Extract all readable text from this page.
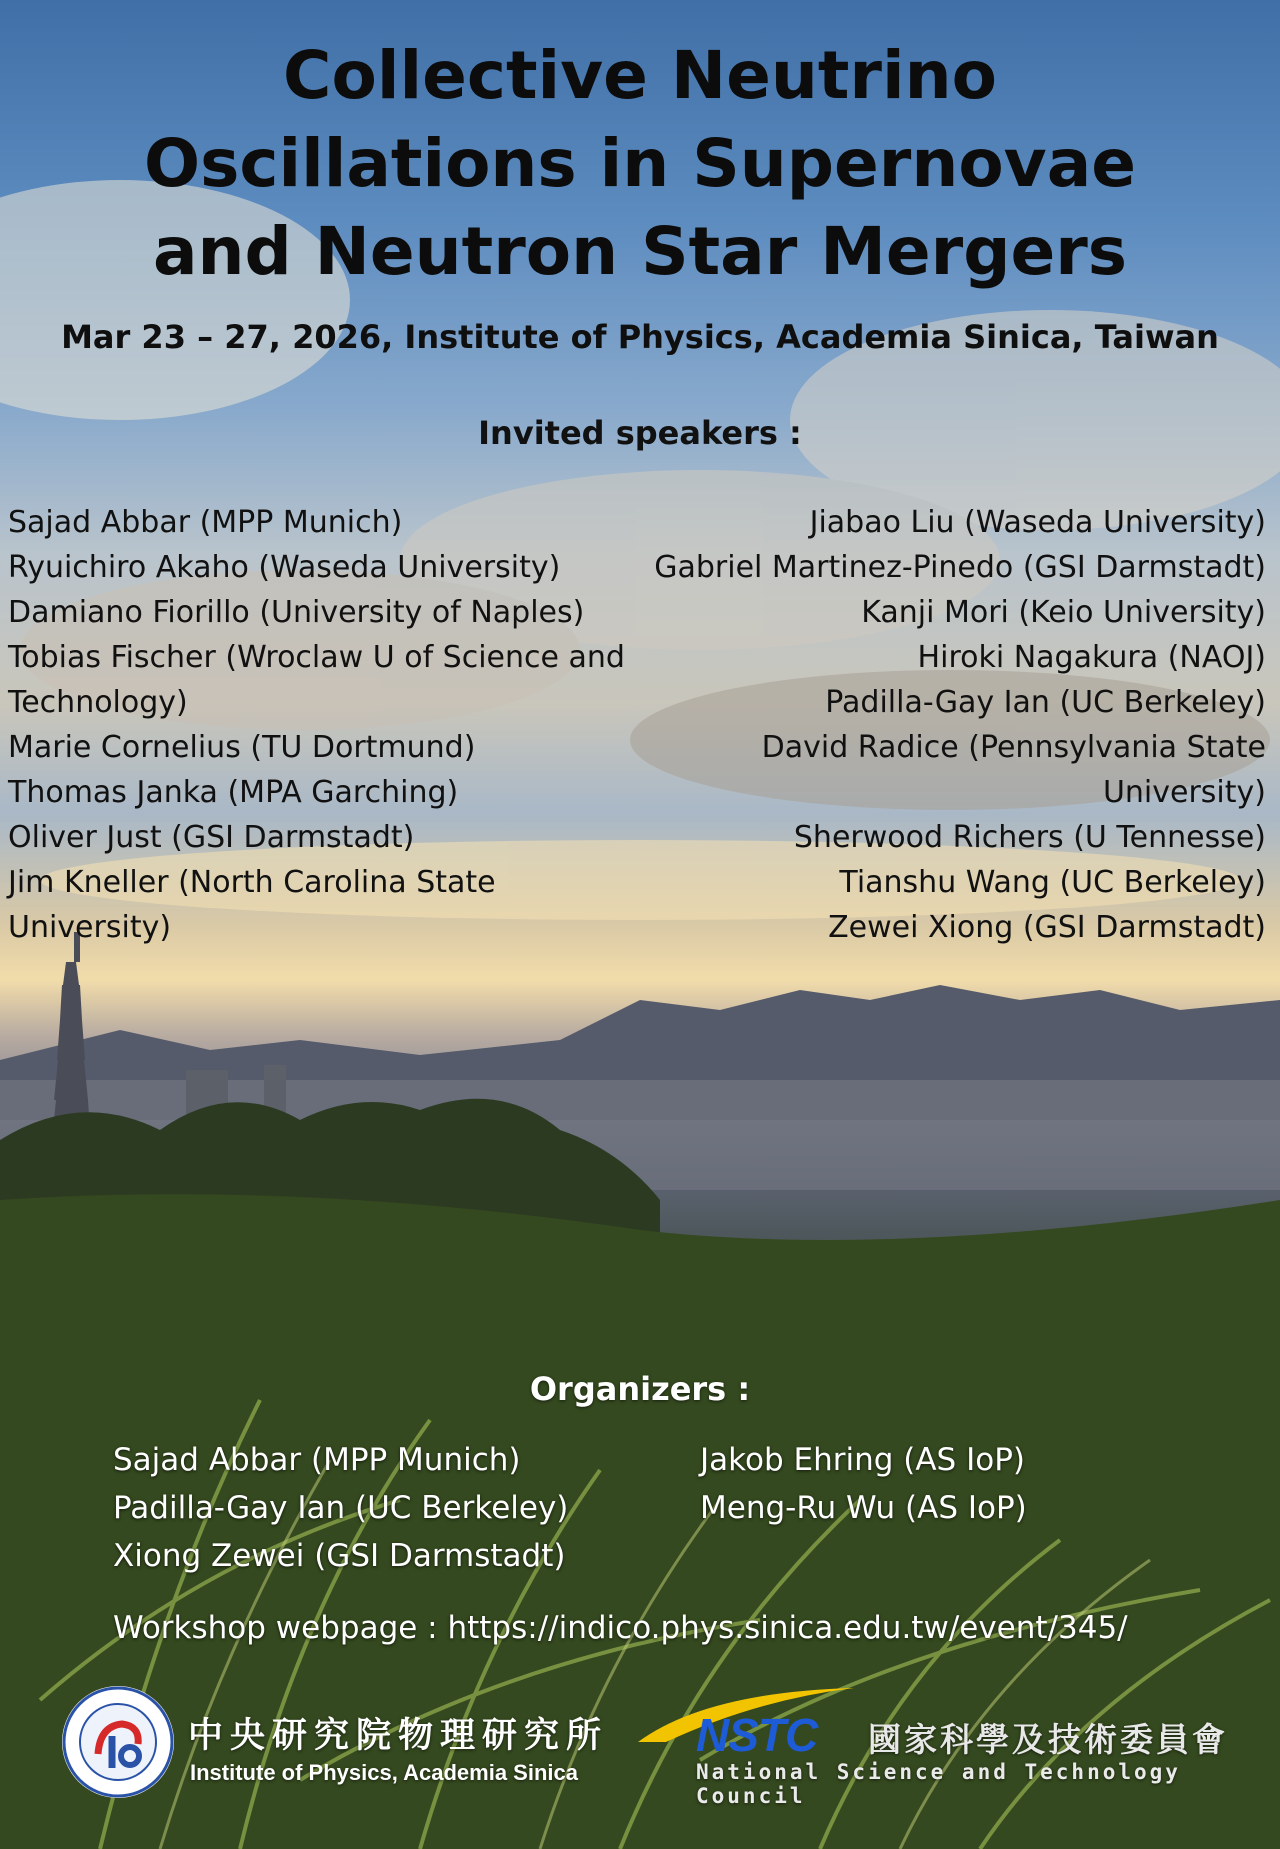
Collective Neutrino
Oscillations in Supernovae
and Neutron Star Mergers
Mar 23 – 27, 2026, Institute of Physics, Academia Sinica, Taiwan
Invited speakers :
Sajad Abbar (MPP Munich)
Ryuichiro Akaho (Waseda University)
Damiano Fiorillo (University of Naples)
Tobias Fischer (Wroclaw U of Science and
Technology)
Marie Cornelius (TU Dortmund)
Thomas Janka (MPA Garching)
Oliver Just (GSI Darmstadt)
Jim Kneller (North Carolina State University)
Jiabao Liu (Waseda University)
Gabriel Martinez-Pinedo (GSI Darmstadt)
Kanji Mori (Keio University)
Hiroki Nagakura (NAOJ)
Padilla-Gay Ian (UC Berkeley)
David Radice (Pennsylvania State University)
Sherwood Richers (U Tennesse)
Tianshu Wang (UC Berkeley)
Zewei Xiong (GSI Darmstadt)
Organizers :
Sajad Abbar (MPP Munich)
Padilla-Gay Ian (UC Berkeley)
Xiong Zewei (GSI Darmstadt)
Jakob Ehring (AS IoP)
Meng-Ru Wu (AS IoP)
Workshop webpage : https://indico.phys.sinica.edu.tw/event/345/
中央研究院物理研究所
Institute of Physics, Academia Sinica
NSTC 國家科學及技術委員會
National Science and Technology Council
